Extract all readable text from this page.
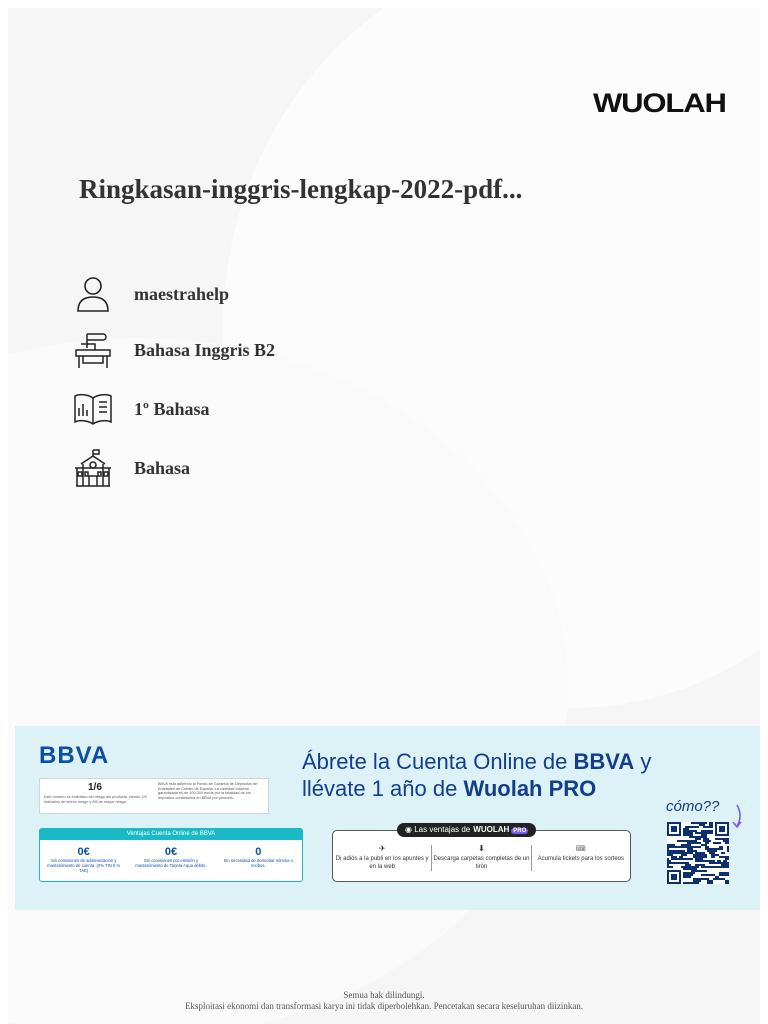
WUOLAH
Ringkasan-inggris-lengkap-2022-pdf...
maestrahelp
Bahasa Inggris B2
1º Bahasa
Bahasa
BBVA
1/6
Este número es indicativo del riesgo del producto, siendo 1/6 indicativo de menor riesgo y 6/6 de mayor riesgo.
BBVA está adherido al Fondo de Garantía de Depósitos de Entidades de Crédito de España. La cantidad máxima garantizada es de 100.000 euros por la totalidad de los depósitos constituidos en BBVA por persona.
Ventajas Cuenta Online de BBVA
0€
Sin comisiones de administración y mantenimiento de cuenta. (0% TIN 0 % TAE)
0€
Sin comisiones por emisión y mantenimiento de Tarjeta Aqua débito.
0
Sin necesidad de domiciliar nómina o recibos.
Ábrete la Cuenta Online de BBVA y
llévate 1 año de Wuolah PRO
cómo??
◉ Las ventajas de WUOLAH PRO
✈
Di adiós a la publi en los apuntes y en la web
⬇
Descarga carpetas completas de un tirón
🎟
Acumula tickets para los sorteos
Semua hak dilindungi.
Eksploitasi ekonomi dan transformasi karya ini tidak diperbolehkan. Pencetakan secara keseluruhan diizinkan.
